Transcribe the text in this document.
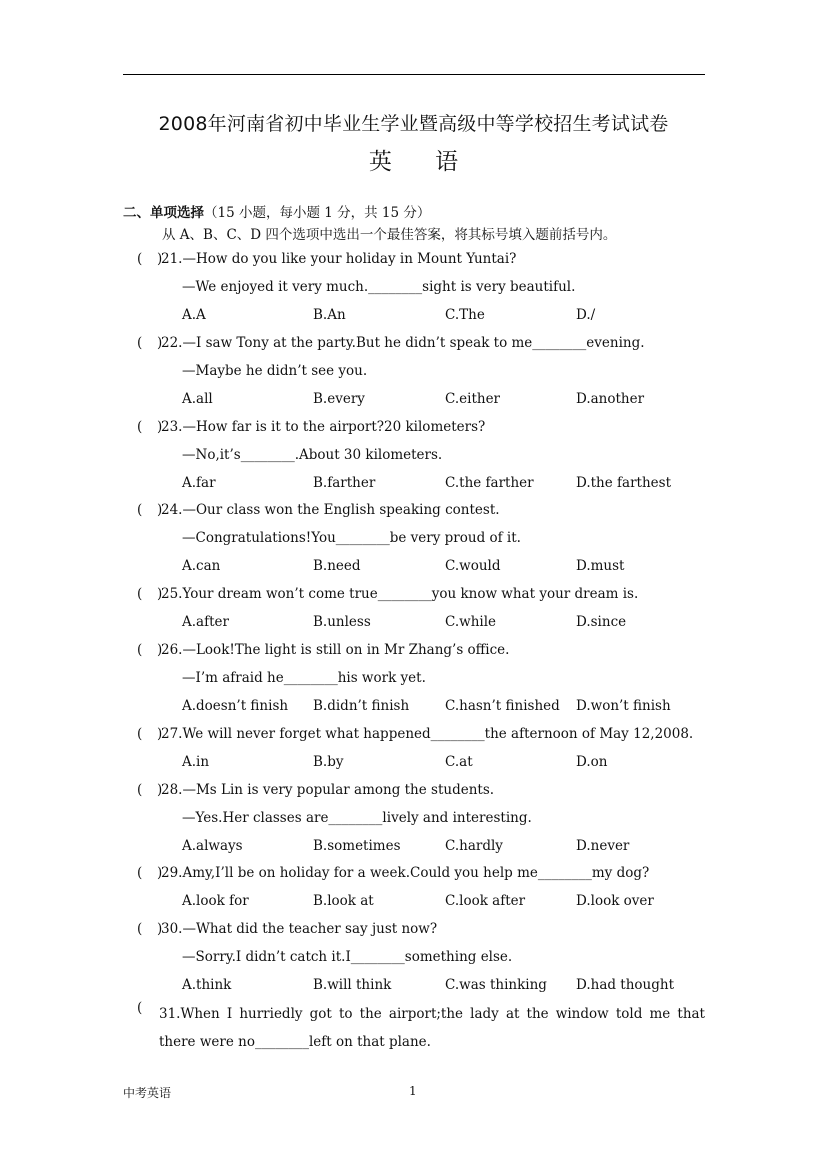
2008年河南省初中毕业生学业暨高级中等学校招生考试试卷
英 语
二、单项选择（15 小题，每小题 1 分，共 15 分）
从 A、B、C、D 四个选项中选出一个最佳答案，将其标号填入题前括号内。
( )
21.—How do you like your holiday in Mount Yuntai?
—We enjoyed it very much.________sight is very beautiful.
A.A	B.An	C.The	D./
( )
22.—I saw Tony at the party.But he didn’t speak to me________evening.
—Maybe he didn’t see you.
A.all	B.every	C.either	D.another
( )
23.—How far is it to the airport?20 kilometers?
—No,it’s________.About 30 kilometers.
A.far	B.farther	C.the farther	D.the farthest
( )
24.—Our class won the English speaking contest.
—Congratulations!You________be very proud of it.
A.can	B.need	C.would	D.must
( )
25.Your dream won’t come true________you know what your dream is.
A.after	B.unless	C.while	D.since
( )
26.—Look!The light is still on in Mr Zhang’s office.
—I’m afraid he________his work yet.
A.doesn’t finish B.didn’t finish	C.hasn’t finished D.won’t finish
( )
27.We will never forget what happened________the afternoon of May 12,2008.
A.in	B.by	C.at	D.on
( )
28.—Ms Lin is very popular among the students.
—Yes.Her classes are________lively and interesting.
A.always	B.sometimes	C.hardly	D.never
( )
29.Amy,I’ll be on holiday for a week.Could you help me________my dog?
A.look for	B.look at	C.look after	D.look over
( )
30.—What did the teacher say just now?
—Sorry.I didn’t catch it.I________something else.
A.think	B.will think	C.was thinking D.had thought
( 31.When I hurriedly got to the airport;the lady at the window told me that there were no________left on that plane.
中考英语	1
